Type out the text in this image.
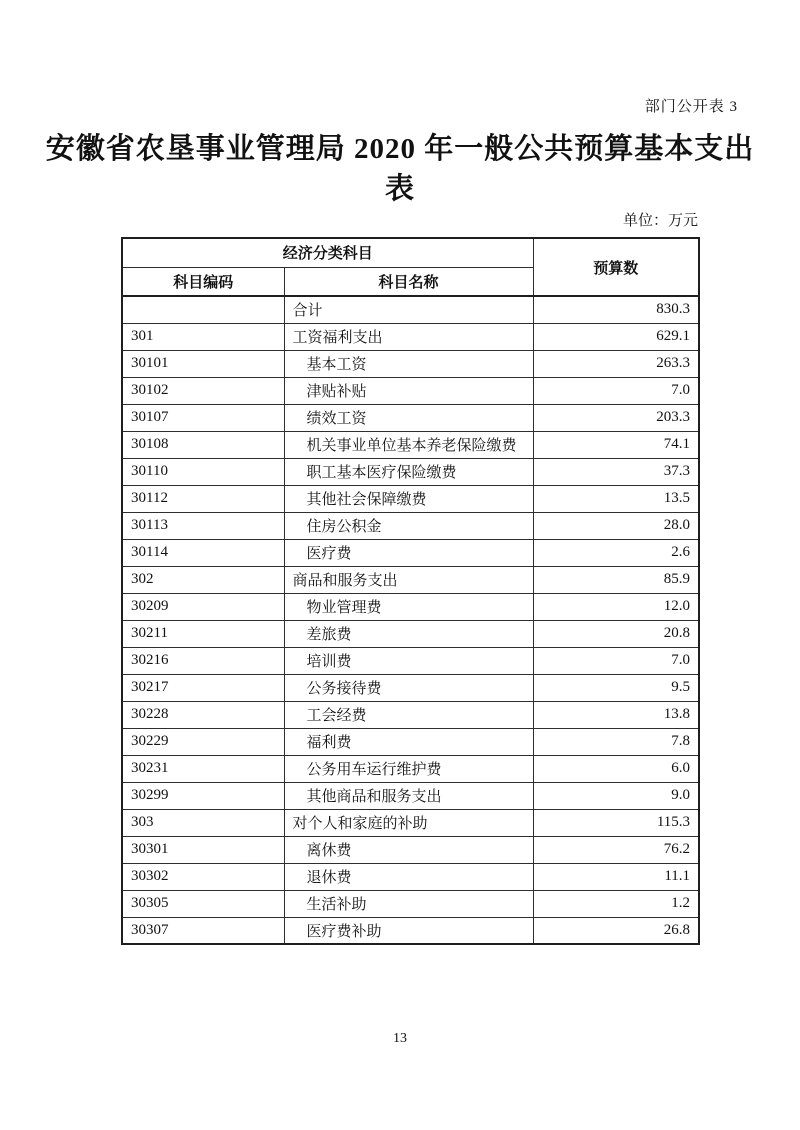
部门公开表 3
安徽省农垦事业管理局 2020 年一般公共预算基本支出
表
单位：万元
经济分类科目		预算数
科目编码	科目名称	
	合计	830.3
301	工资福利支出	629.1
30101	基本工资	263.3
30102	津贴补贴	7.0
30107	绩效工资	203.3
30108	机关事业单位基本养老保险缴费	74.1
30110	职工基本医疗保险缴费	37.3
30112	其他社会保障缴费	13.5
30113	住房公积金	28.0
30114	医疗费	2.6
302	商品和服务支出	85.9
30209	物业管理费	12.0
30211	差旅费	20.8
30216	培训费	7.0
30217	公务接待费	9.5
30228	工会经费	13.8
30229	福利费	7.8
30231	公务用车运行维护费	6.0
30299	其他商品和服务支出	9.0
303	对个人和家庭的补助	115.3
30301	离休费	76.2
30302	退休费	11.1
30305	生活补助	1.2
30307	医疗费补助	26.8
13
